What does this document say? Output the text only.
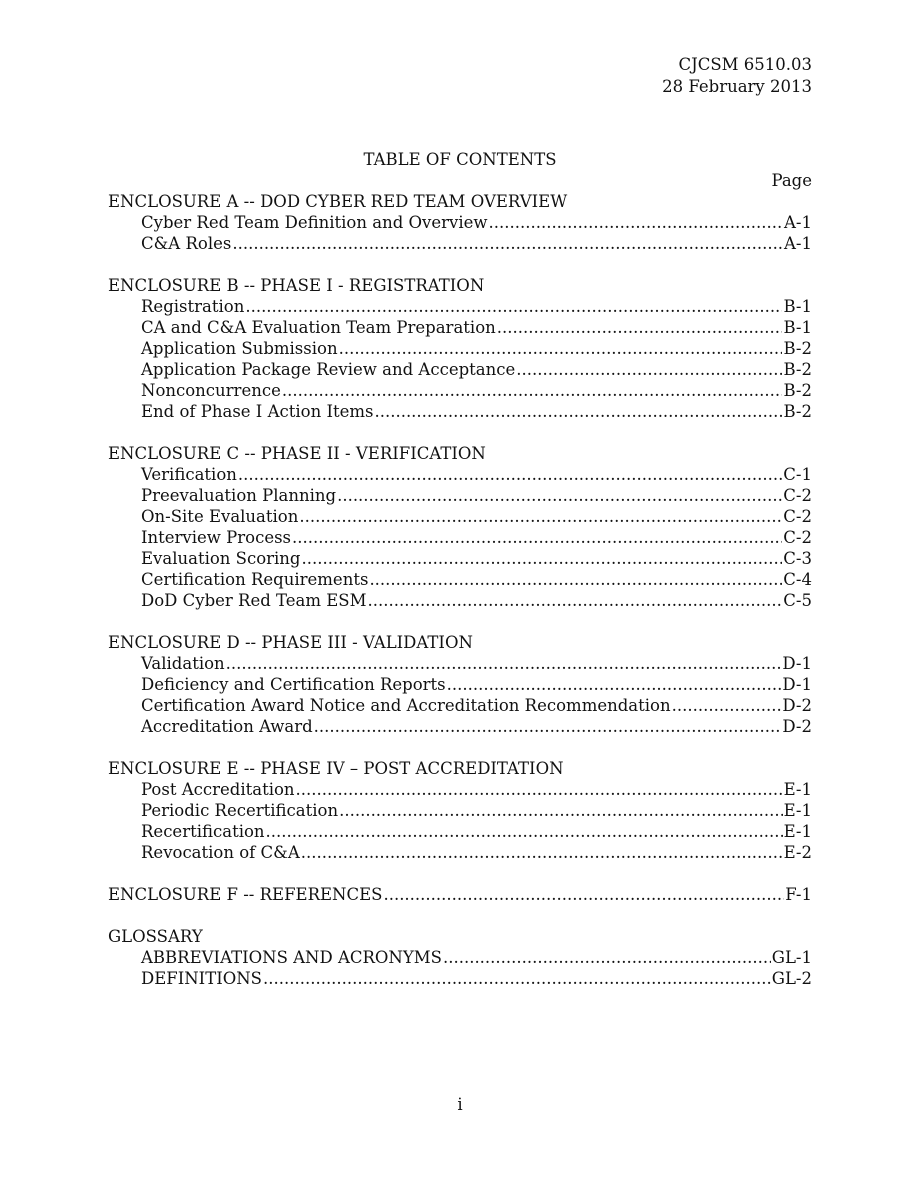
CJCSM 6510.03
28 February 2013
TABLE OF CONTENTS
Page
ENCLOSURE A -- DOD CYBER RED TEAM OVERVIEW
Cyber Red Team Definition and Overview .....	A-1
C&A Roles .....	A-1
ENCLOSURE B -- PHASE I - REGISTRATION
Registration .....	B-1
CA and C&A Evaluation Team Preparation .....	B-1
Application Submission .....	B-2
Application Package Review and Acceptance .....	B-2
Nonconcurrence .....	B-2
End of Phase I Action Items .....	B-2
ENCLOSURE C -- PHASE II - VERIFICATION
Verification .....	C-1
Preevaluation Planning .....	C-2
On-Site Evaluation .....	C-2
Interview Process .....	C-2
Evaluation Scoring .....	C-3
Certification Requirements .....	C-4
DoD Cyber Red Team ESM .....	C-5
ENCLOSURE D -- PHASE III - VALIDATION
Validation .....	D-1
Deficiency and Certification Reports .....	D-1
Certification Award Notice and Accreditation Recommendation .....	D-2
Accreditation Award .....	D-2
ENCLOSURE E -- PHASE IV – POST ACCREDITATION
Post Accreditation .....	E-1
Periodic Recertification .....	E-1
Recertification .....	E-1
Revocation of C&A .....	E-2
ENCLOSURE F -- REFERENCES .....	F-1
GLOSSARY
ABBREVIATIONS AND ACRONYMS .....	GL-1
DEFINITIONS .....	GL-2
i
